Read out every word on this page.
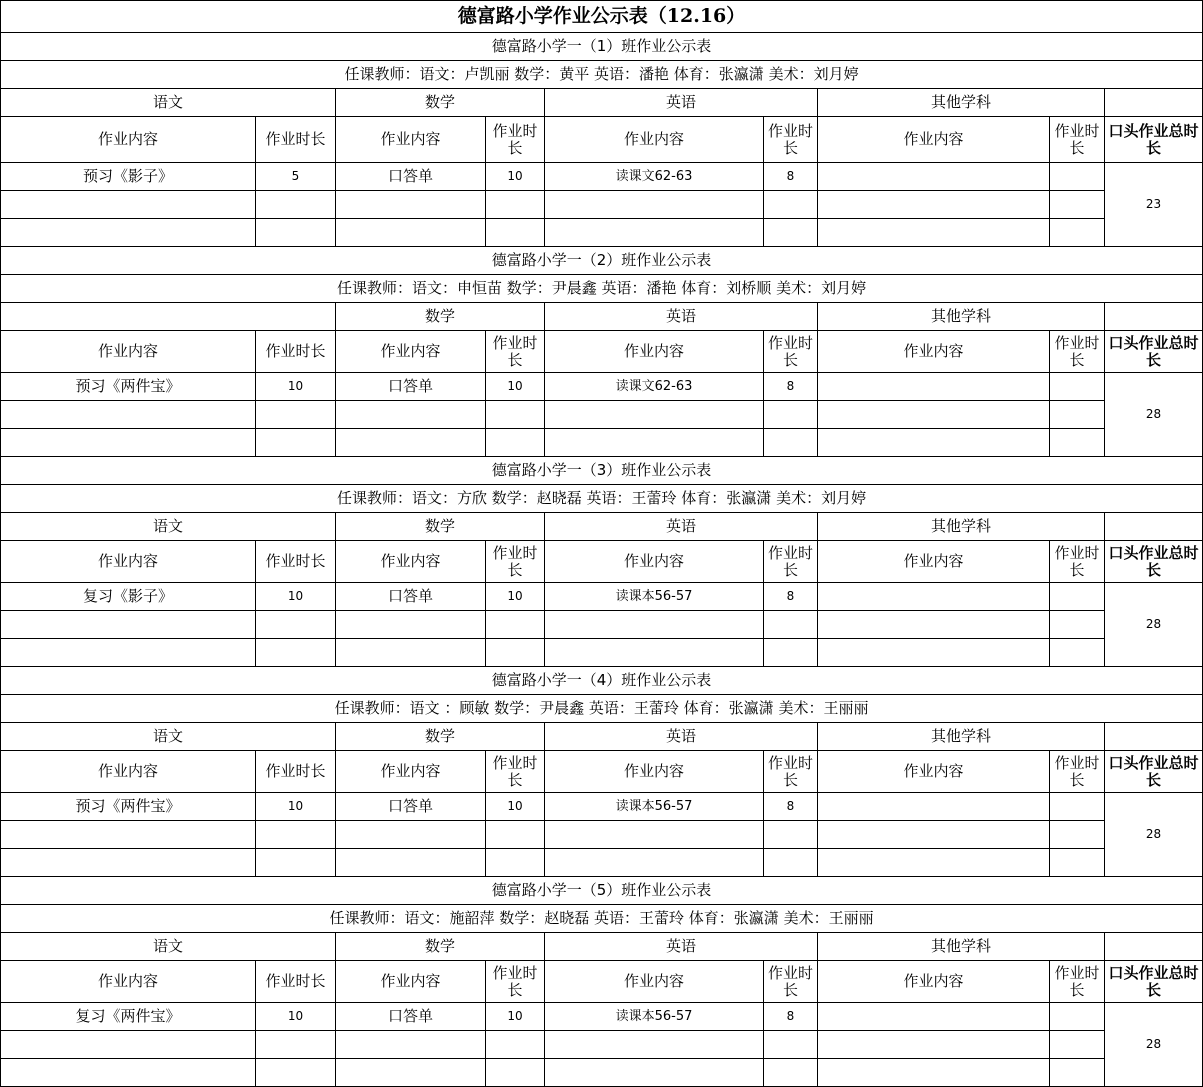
德富路小学作业公示表（12.16）								
德富路小学一（1）班作业公示表								
任课教师：语文：卢凯丽 数学：黄平 英语：潘艳 体育：张瀛潇 美术：刘月婷								
语文		数学		英语		其他学科		
作业内容	作业时长	作业内容	作业时长	作业内容	作业时长	作业内容	作业时长	口头作业总时长
预习《影子》	5	口答单	10	读课文62-63	8			23

德富路小学一（2）班作业公示表								
任课教师：语文：申恒苗 数学：尹晨鑫 英语：潘艳 体育：刘桥顺 美术：刘月婷								
		数学		英语		其他学科		
作业内容	作业时长	作业内容	作业时长	作业内容	作业时长	作业内容	作业时长	口头作业总时长
预习《两件宝》	10	口答单	10	读课文62-63	8			28

德富路小学一（3）班作业公示表								
任课教师：语文：方欣 数学：赵晓磊 英语：王蕾玲 体育：张瀛潇 美术：刘月婷								
语文		数学		英语		其他学科		
作业内容	作业时长	作业内容	作业时长	作业内容	作业时长	作业内容	作业时长	口头作业总时长
复习《影子》	10	口答单	10	读课本56-57	8			28

德富路小学一（4）班作业公示表								
任课教师：语文 ：顾敏 数学：尹晨鑫 英语：王蕾玲 体育：张瀛潇 美术：王丽丽								
语文		数学		英语		其他学科		
作业内容	作业时长	作业内容	作业时长	作业内容	作业时长	作业内容	作业时长	口头作业总时长
预习《两件宝》	10	口答单	10	读课本56-57	8			28

德富路小学一（5）班作业公示表								
任课教师：语文：施韶萍 数学：赵晓磊 英语：王蕾玲 体育：张瀛潇 美术：王丽丽								
语文		数学		英语		其他学科		
作业内容	作业时长	作业内容	作业时长	作业内容	作业时长	作业内容	作业时长	口头作业总时长
复习《两件宝》	10	口答单	10	读课本56-57	8			28
